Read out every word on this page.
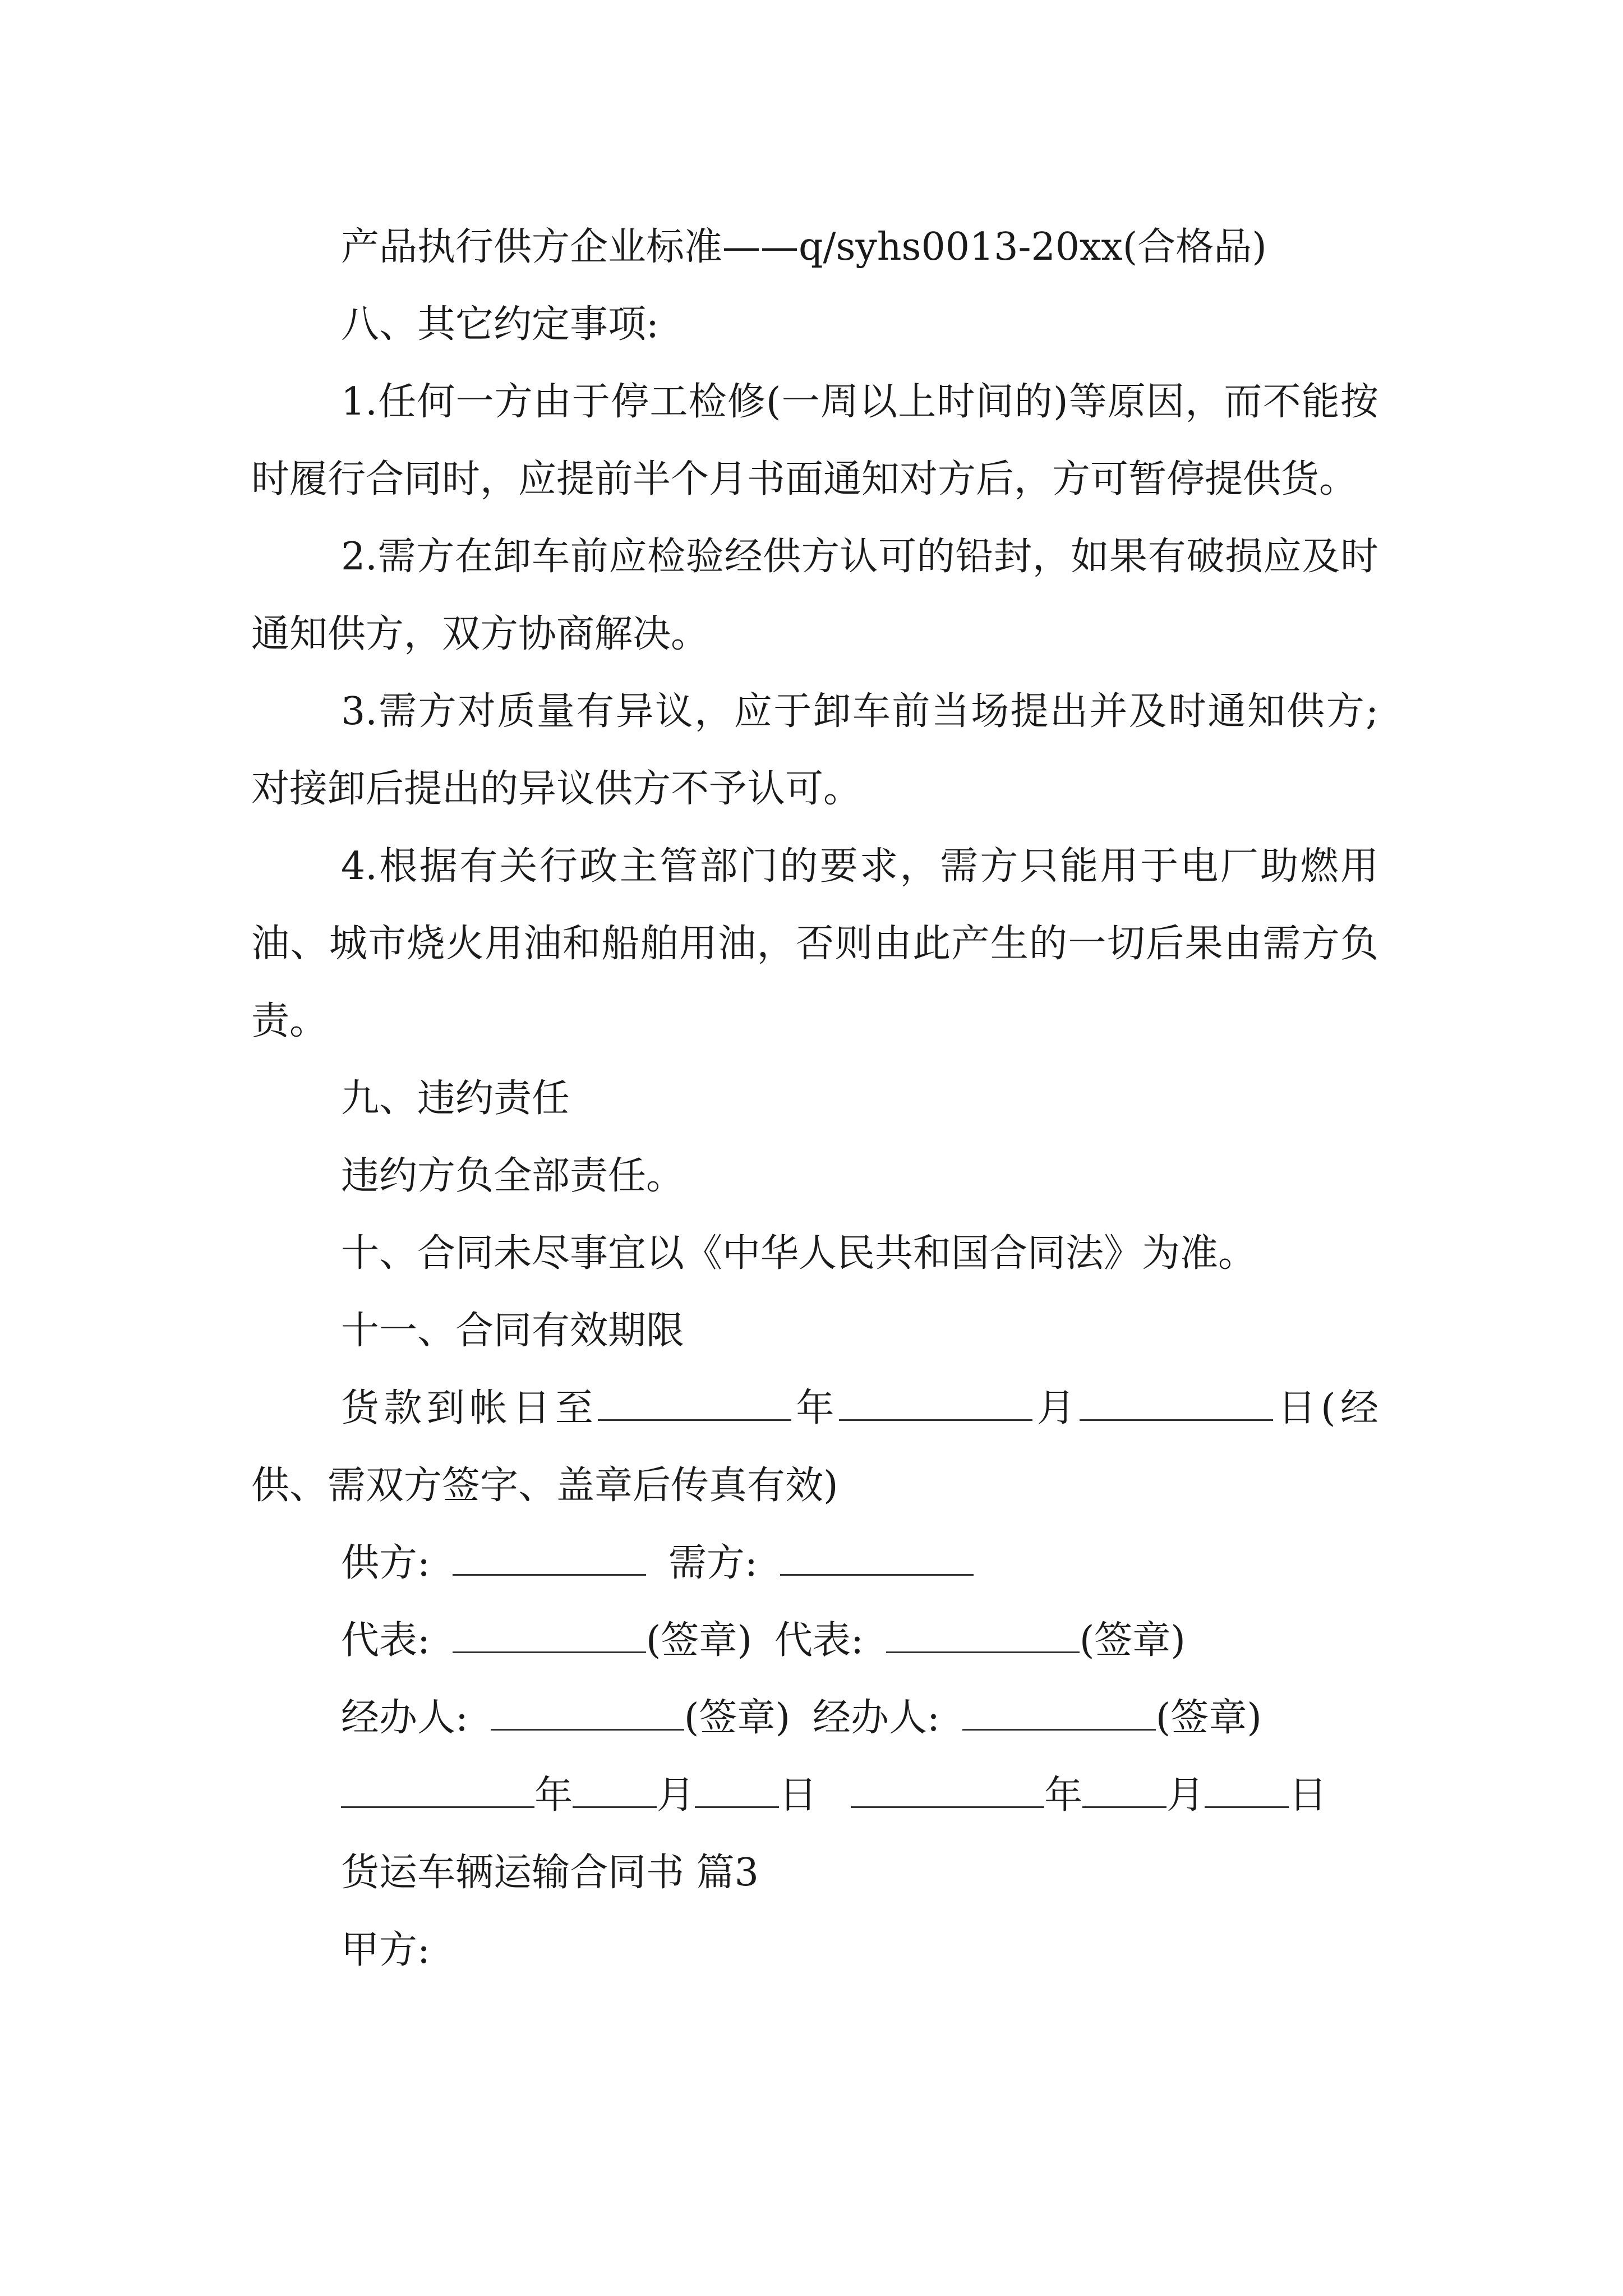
产品执行供方企业标准——q/syhs0013-20xx(合格品)

八、其它约定事项:

1.任何一方由于停工检修(一周以上时间的)等原因，而不能按时履行合同时，应提前半个月书面通知对方后，方可暂停提供货。

2.需方在卸车前应检验经供方认可的铅封，如果有破损应及时通知供方，双方协商解决。

3.需方对质量有异议，应于卸车前当场提出并及时通知供方;对接卸后提出的异议供方不予认可。

4.根据有关行政主管部门的要求，需方只能用于电厂助燃用油、城市烧火用油和船舶用油，否则由此产生的一切后果由需方负责。

九、违约责任

违约方负全部责任。

十、合同未尽事宜以《中华人民共和国合同法》为准。

十一、合同有效期限

货款到帐日至	年	月	日(经供、需双方签字、盖章后传真有效)

供方:	需方:

代表:	(签章) 代表:	(签章)

经办人:	(签章) 经办人:	(签章)

年 月 日	年 月 日

货运车辆运输合同书 篇3

甲方:
